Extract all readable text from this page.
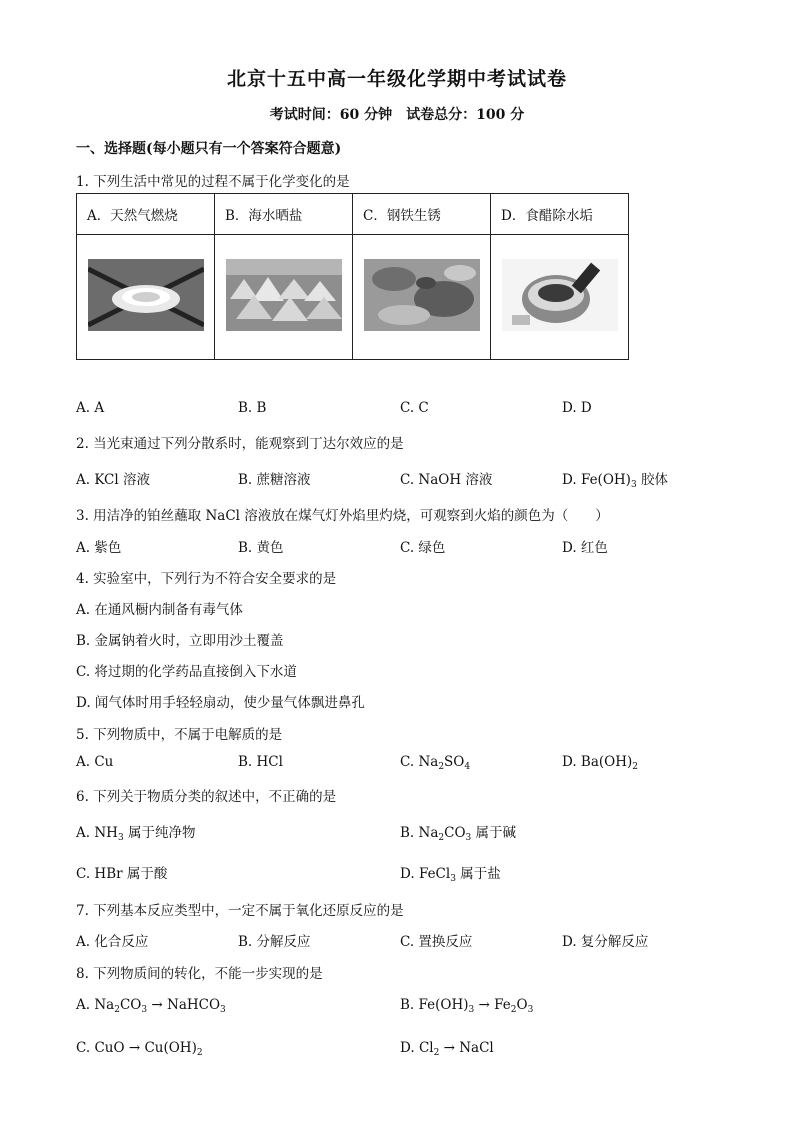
北京十五中高一年级化学期中考试试卷
考试时间：60 分钟　试卷总分：100 分
一、选择题(每小题只有一个答案符合题意)
1. 下列生活中常见的过程不属于化学变化的是
A．天然气燃烧	B．海水晒盐	C．钢铁生锈	D．食醋除水垢

A. A	B. B	C. C	D. D
2. 当光束通过下列分散系时，能观察到丁达尔效应的是
A. KCl 溶液	B. 蔗糖溶液	C. NaOH 溶液	D. $Fe(OH)_3$ 胶体
3. 用洁净的铂丝蘸取 NaCl 溶液放在煤气灯外焰里灼烧，可观察到火焰的颜色为（　　）
A. 紫色	B. 黄色	C. 绿色	D. 红色
4. 实验室中，下列行为不符合安全要求的是
A. 在通风橱内制备有毒气体
B. 金属钠着火时，立即用沙土覆盖
C. 将过期的化学药品直接倒入下水道
D. 闻气体时用手轻轻扇动，使少量气体飘进鼻孔
5. 下列物质中，不属于电解质的是
A. Cu	B. HCl	C. $Na_2SO_4$	D. $Ba(OH)_2$
6. 下列关于物质分类的叙述中，不正确的是
A. $NH_3$ 属于纯净物	B. $Na_2CO_3$ 属于碱
C. HBr 属于酸	D. FeCl$_3$ 属于盐
7. 下列基本反应类型中，一定不属于氧化还原反应的是
A. 化合反应	B. 分解反应	C. 置换反应	D. 复分解反应
8. 下列物质间的转化，不能一步实现的是
A. $Na_2CO_3$ → NaHCO$_3$	B. $Fe(OH)_3 \to Fe_2O_3$
C. CuO → $Cu(OH)_2$	D. $Cl_2$ → NaCl
